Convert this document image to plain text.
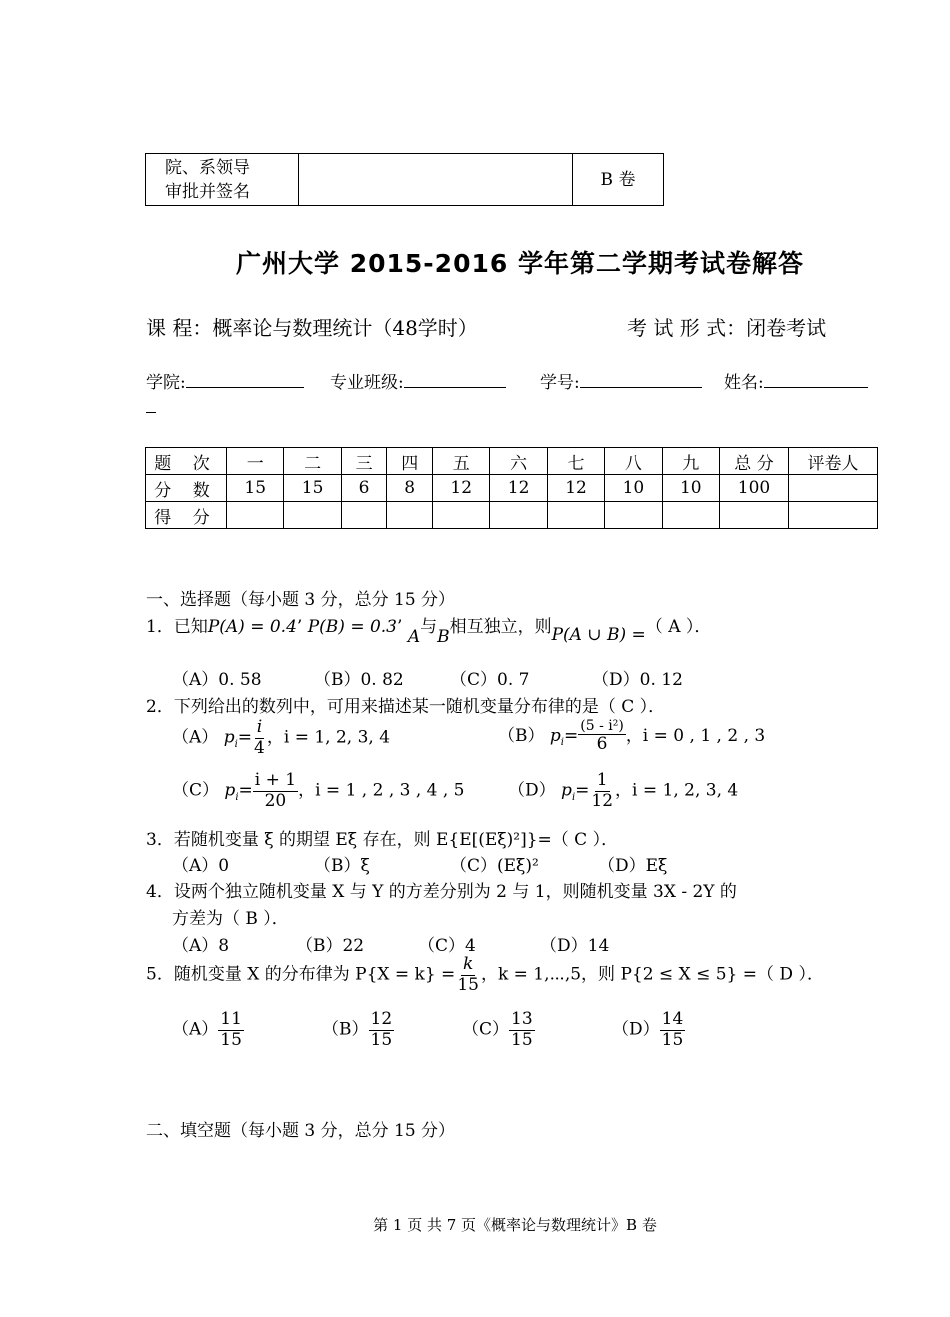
院、系领导
审批并签名
		B 卷
广州大学 2015-2016 学年第二学期考试卷解答
课 程：概率论与数理统计（48学时）	考 试 形 式：闭卷考试
学院:	专业班级:	学号:	姓名:
题 次	一	二	三	四	五	六	七	八	九	总 分	评卷人
分 数	15	15	6	8	12	12	12	10	10	100	
得 分											
一、选择题（每小题 3 分，总分 15 分）
1．已知P(A) = 0.4’ P(B) = 0.3’ A与B相互独立，则P(A ∪ B) =（ A ）．
（A）0. 58	（B）0. 82	（C）0. 7	（D）0. 12
2．下列给出的数列中，可用来描述某一随机变量分布律的是（ C ）．
（A） $p_i= \frac{i}{4}$ ，i = 1, 2, 3, 4	（B） $p_i= \frac{\text{(5 - i²)}}{6}$ ，i = 0 , 1 , 2 , 3
（C） $p_i= \frac{i + 1}{20}$ ，i = 1 , 2 , 3 , 4 , 5	（D） $p_i= \frac{1}{12}$ ，i = 1, 2, 3, 4
3．若随机变量 ξ 的期望 Eξ 存在，则 E{E[(Eξ)²]}=（ C ）．
（A）0	（B）ξ	（C）(Eξ)²	（D）Eξ
4．设两个独立随机变量 X 与 Y 的方差分别为 2 与 1，则随机变量 3X - 2Y 的
方差为（ B ）．
（A）8	（B）22	（C）4	（D）14
5．随机变量 X 的分布律为 $P\{X = k\} = \frac{k}{15}$ ，k = 1,⋯,5，则 P{2 ≤ X ≤ 5} =（ D ）．
$(A) \frac{11}{15}$	$(B) \frac{12}{15}$	$(C) \frac{13}{15}$	$(D) \frac{14}{15}$
二、填空题（每小题 3 分，总分 15 分）
第 1 页 共 7 页《概率论与数理统计》B 卷
